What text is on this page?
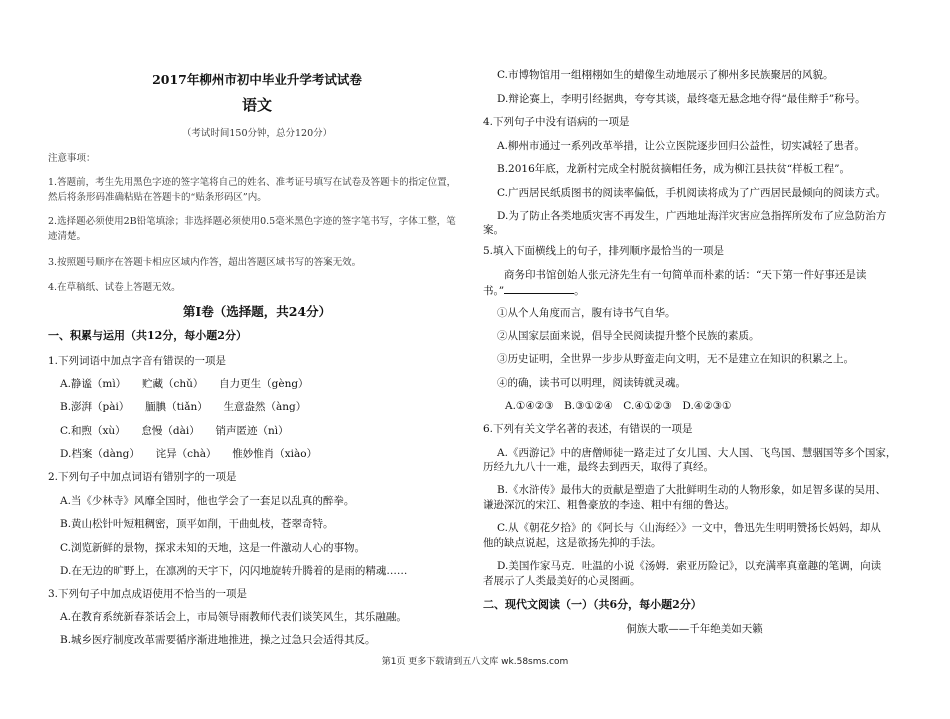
2017年柳州市初中毕业升学考试试卷
语文
（考试时间150分钟，总分120分）
注意事项：
1.答题前，考生先用黑色字迹的签字笔将自己的姓名、准考证号填写在试卷及答题卡的指定位置，
然后将条形码准确粘贴在答题卡的“贴条形码区”内。
2.选择题必须使用2B铅笔填涂；非选择题必须使用0.5毫米黑色字迹的签字笔书写，字体工整，笔
迹清楚。
3.按照题号顺序在答题卡相应区域内作答，超出答题区域书写的答案无效。
4.在草稿纸、试卷上答题无效。
第Ⅰ卷（选择题，共24分）
一、积累与运用（共12分，每小题2分）
1.下列词语中加点字音有错误的一项是
A.静谧（mì）　　贮藏（chǔ）　　自力更生（gèng）
B.澎湃（pài）　　腼腆（tiǎn）　　生意盎然（àng）
C.和煦（xù）　　怠慢（dài）　　销声匿迹（nì）
D.档案（dàng）　　诧异（chà）　　惟妙惟肖（xiào）
2.下列句子中加点词语有错别字的一项是
A.当《少林寺》风靡全国时，他也学会了一套足以乱真的醉拳。
B.黄山松针叶短粗稠密，顶平如削，干曲虬枝，苍翠奇特。
C.浏览新鲜的景物，探求未知的天地，这是一件激动人心的事物。
D.在无边的旷野上，在凛冽的天宇下，闪闪地旋转升腾着的是雨的精魂……
3.下列句子中加点成语使用不恰当的一项是
A.在教育系统新春茶话会上，市局领导雨教师代表们谈笑风生，其乐融融。
B.城乡医疗制度改革需要循序渐进地推进，操之过急只会适得其反。
C.市博物馆用一组栩栩如生的蜡像生动地展示了柳州多民族聚居的风貌。
D.辩论赛上，李明引经据典，夸夸其谈，最终毫无悬念地夺得“最佳辩手”称号。
4.下列句子中没有语病的一项是
A.柳州市通过一系列改革举措，让公立医院逐步回归公益性，切实减轻了患者。
B.2016年底，龙新村完成全村脱贫摘帽任务，成为柳江县扶贫“样板工程”。
C.广西居民纸质图书的阅读率偏低，手机阅读将成为了广西居民最倾向的阅读方式。
D.为了防止各类地质灾害不再发生，广西地址海洋灾害应急指挥所发布了应急防治方
案。
5.填入下面横线上的句子，排列顺序最恰当的一项是
　　商务印书馆创始人张元济先生有一句简单而朴素的话：“天下第一件好事还是读
书。”	。
①从个人角度而言，腹有诗书气自华。
②从国家层面来说，倡导全民阅读提升整个民族的素质。
③历史证明，全世界一步步从野蛮走向文明，无不是建立在知识的积累之上。
④的确，读书可以明理，阅读铸就灵魂。
A.①④②③　B.③①②④　C.④①②③　D.④②③①
6.下列有关文学名著的表述，有错误的一项是
A.《西游记》中的唐僧师徒一路走过了女儿国、大人国、飞鸟国、慧骃国等多个国家，
历经九九八十一难，最终去到西天，取得了真经。
B.《水浒传》最伟大的贡献是塑造了大批鲜明生动的人物形象，如足智多谋的吴用、
谦逊深沉的宋江、粗鲁豪放的李逵、粗中有细的鲁达。
C.从《朝花夕拾》的《阿长与〈山海经〉》一文中，鲁迅先生明明赞扬长妈妈，却从
他的缺点说起，这是欲扬先抑的手法。
D.美国作家马克．吐温的小说《汤姆．索亚历险记》，以充满率真童趣的笔调，向读
者展示了人类最美好的心灵图画。
二、现代文阅读（一）（共6分，每小题2分）
侗族大歌——千年绝美如天籁
第1页 更多下载请到五八文库 wk.58sms.com
